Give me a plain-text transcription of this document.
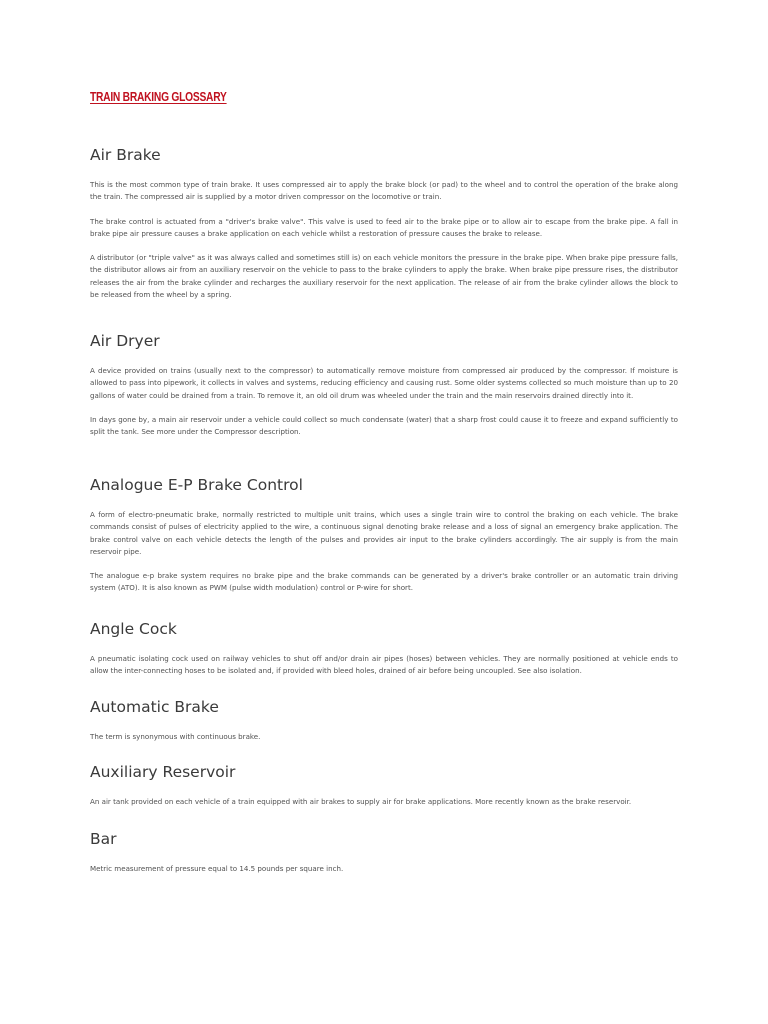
TRAIN BRAKING GLOSSARY
Air Brake

This is the most common type of train brake. It uses compressed air to apply the brake block (or pad) to the wheel and to control the operation of the brake along the train. The compressed air is supplied by a motor driven compressor on the locomotive or train.

The brake control is actuated from a "driver's brake valve". This valve is used to feed air to the brake pipe or to allow air to escape from the brake pipe. A fall in brake pipe air pressure causes a brake application on each vehicle whilst a restoration of pressure causes the brake to release.

A distributor (or "triple valve" as it was always called and sometimes still is) on each vehicle monitors the pressure in the brake pipe. When brake pipe pressure falls, the distributor allows air from an auxiliary reservoir on the vehicle to pass to the brake cylinders to apply the brake. When brake pipe pressure rises, the distributor releases the air from the brake cylinder and recharges the auxiliary reservoir for the next application. The release of air from the brake cylinder allows the block to be released from the wheel by a spring.

Air Dryer

A device provided on trains (usually next to the compressor) to automatically remove moisture from compressed air produced by the compressor. If moisture is allowed to pass into pipework, it collects in valves and systems, reducing efficiency and causing rust. Some older systems collected so much moisture than up to 20 gallons of water could be drained from a train. To remove it, an old oil drum was wheeled under the train and the main reservoirs drained directly into it.

In days gone by, a main air reservoir under a vehicle could collect so much condensate (water) that a sharp frost could cause it to freeze and expand sufficiently to split the tank. See more under the Compressor description.

Analogue E-P Brake Control

A form of electro-pneumatic brake, normally restricted to multiple unit trains, which uses a single train wire to control the braking on each vehicle. The brake commands consist of pulses of electricity applied to the wire, a continuous signal denoting brake release and a loss of signal an emergency brake application. The brake control valve on each vehicle detects the length of the pulses and provides air input to the brake cylinders accordingly. The air supply is from the main reservoir pipe.

The analogue e-p brake system requires no brake pipe and the brake commands can be generated by a driver's brake controller or an automatic train driving system (ATO). It is also known as PWM (pulse width modulation) control or P-wire for short.

Angle Cock

A pneumatic isolating cock used on railway vehicles to shut off and/or drain air pipes (hoses) between vehicles. They are normally positioned at vehicle ends to allow the inter-connecting hoses to be isolated and, if provided with bleed holes, drained of air before being uncoupled. See also isolation.

Automatic Brake

The term is synonymous with continuous brake.

Auxiliary Reservoir

An air tank provided on each vehicle of a train equipped with air brakes to supply air for brake applications. More recently known as the brake reservoir.

Bar

Metric measurement of pressure equal to 14.5 pounds per square inch.
